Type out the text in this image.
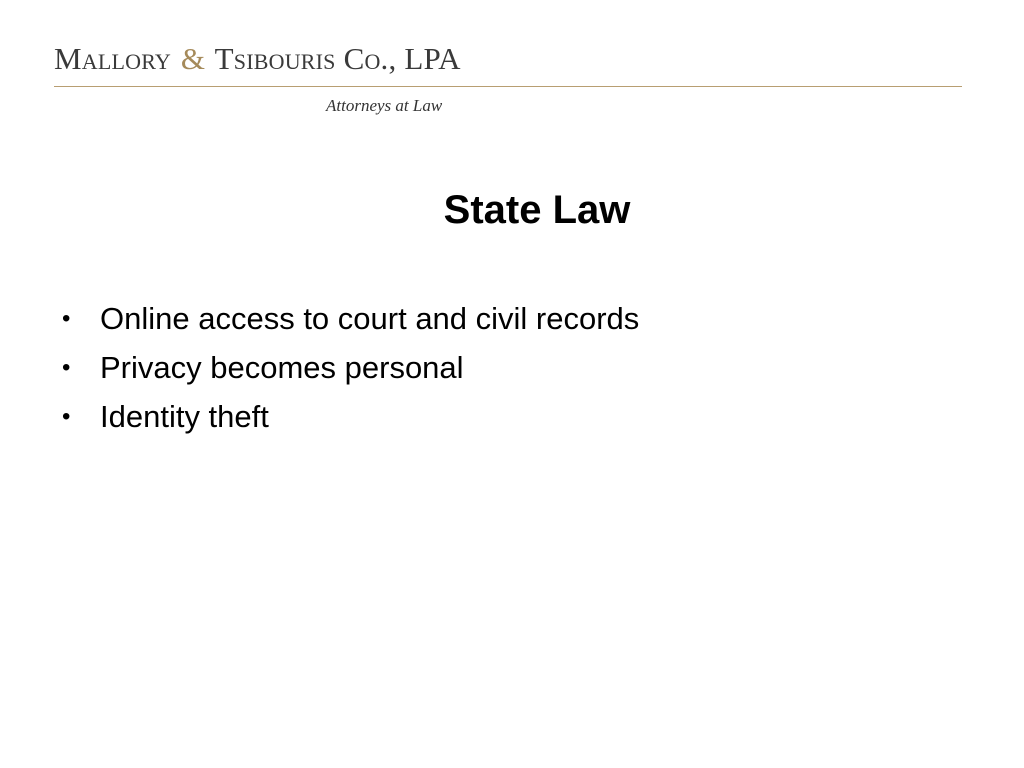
Mallory & Tsibouris Co., LPA
Attorneys at Law
State Law
• Online access to court and civil records
• Privacy becomes personal
• Identity theft
